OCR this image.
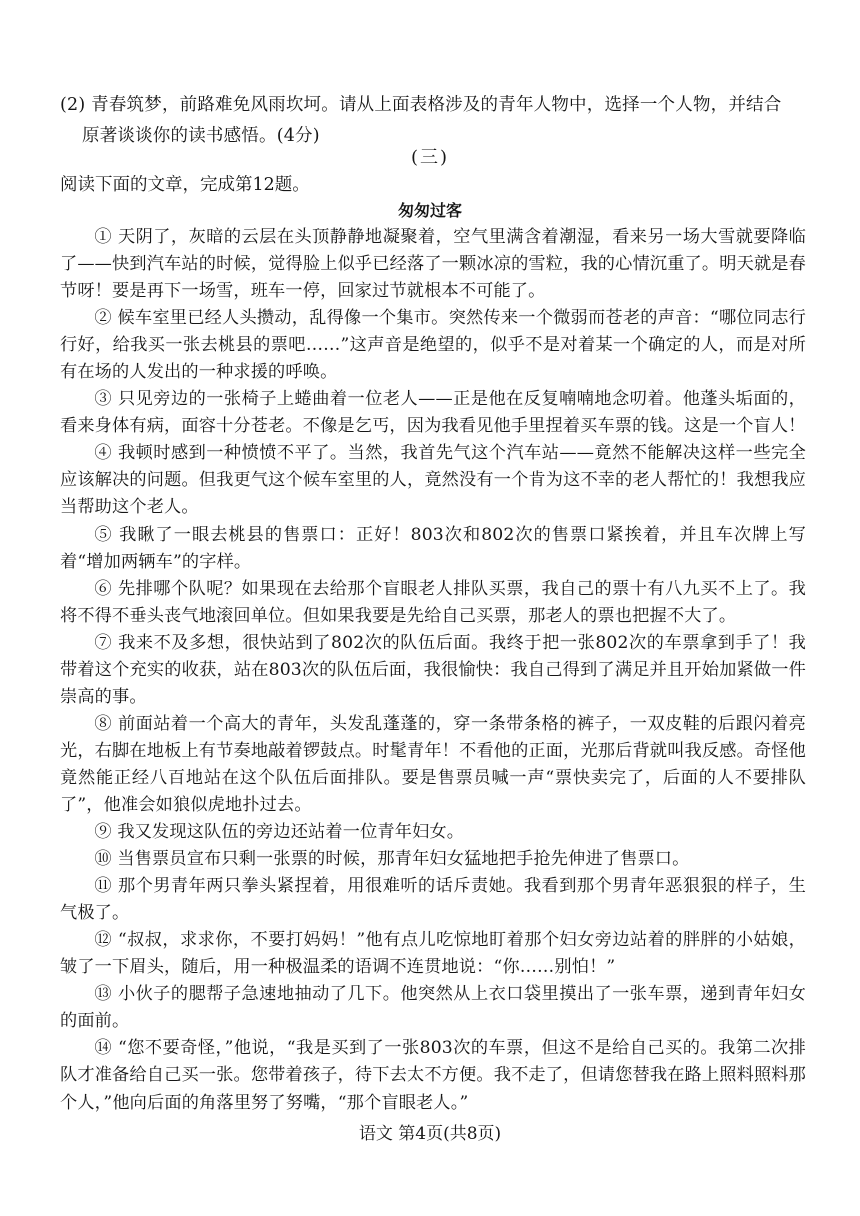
(2) 青春筑梦，前路难免风雨坎坷。请从上面表格涉及的青年人物中，选择一个人物，并结合
原著谈谈你的读书感悟。(4分)
(三)
阅读下面的文章，完成第12题。
匆匆过客

① 天阴了，灰暗的云层在头顶静静地凝聚着，空气里满含着潮湿，看来另一场大雪就要降临了——快到汽车站的时候，觉得脸上似乎已经落了一颗冰凉的雪粒，我的心情沉重了。明天就是春节呀！要是再下一场雪，班车一停，回家过节就根本不可能了。

② 候车室里已经人头攒动，乱得像一个集市。突然传来一个微弱而苍老的声音：“哪位同志行行好，给我买一张去桃县的票吧……”这声音是绝望的，似乎不是对着某一个确定的人，而是对所有在场的人发出的一种求援的呼唤。

③ 只见旁边的一张椅子上蜷曲着一位老人——正是他在反复喃喃地念叨着。他蓬头垢面的，看来身体有病，面容十分苍老。不像是乞丐，因为我看见他手里捏着买车票的钱。这是一个盲人！

④ 我顿时感到一种愤愤不平了。当然，我首先气这个汽车站——竟然不能解决这样一些完全应该解决的问题。但我更气这个候车室里的人，竟然没有一个肯为这不幸的老人帮忙的！我想我应当帮助这个老人。

⑤ 我瞅了一眼去桃县的售票口：正好！803次和802次的售票口紧挨着，并且车次牌上写着“增加两辆车”的字样。

⑥ 先排哪个队呢？如果现在去给那个盲眼老人排队买票，我自己的票十有八九买不上了。我将不得不垂头丧气地滚回单位。但如果我要是先给自己买票，那老人的票也把握不大了。

⑦ 我来不及多想，很快站到了802次的队伍后面。我终于把一张802次的车票拿到手了！我带着这个充实的收获，站在803次的队伍后面，我很愉快：我自己得到了满足并且开始加紧做一件崇高的事。

⑧ 前面站着一个高大的青年，头发乱蓬蓬的，穿一条带条格的裤子，一双皮鞋的后跟闪着亮光，右脚在地板上有节奏地敲着锣鼓点。时髦青年！不看他的正面，光那后背就叫我反感。奇怪他竟然能正经八百地站在这个队伍后面排队。要是售票员喊一声“票快卖完了，后面的人不要排队了”，他准会如狼似虎地扑过去。

⑨ 我又发现这队伍的旁边还站着一位青年妇女。

⑩ 当售票员宣布只剩一张票的时候，那青年妇女猛地把手抢先伸进了售票口。

⑪ 那个男青年两只拳头紧捏着，用很难听的话斥责她。我看到那个男青年恶狠狠的样子，生气极了。

⑫ “叔叔，求求你，不要打妈妈！”他有点儿吃惊地盯着那个妇女旁边站着的胖胖的小姑娘，皱了一下眉头，随后，用一种极温柔的语调不连贯地说：“你……别怕！”

⑬ 小伙子的腮帮子急速地抽动了几下。他突然从上衣口袋里摸出了一张车票，递到青年妇女的面前。

⑭ “您不要奇怪，”他说，“我是买到了一张803次的车票，但这不是给自己买的。我第二次排队才准备给自己买一张。您带着孩子，待下去太不方便。我不走了，但请您替我在路上照料照料那个人，”他向后面的角落里努了努嘴，“那个盲眼老人。”

语文 第4页(共8页)
